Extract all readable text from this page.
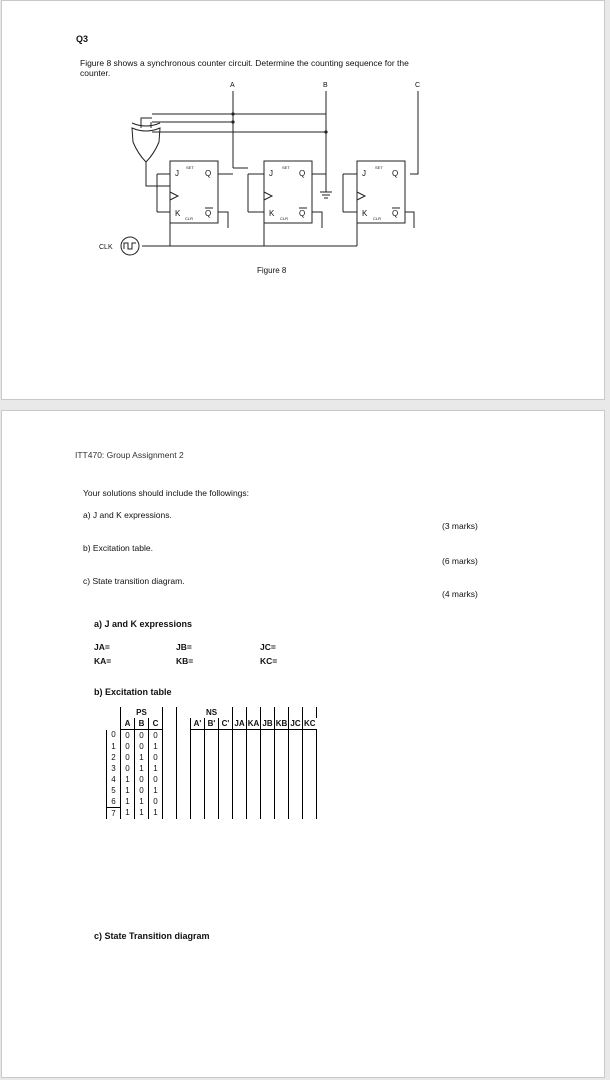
Q3
Figure 8 shows a synchronous counter circuit. Determine the counting sequence for the
counter.
A	B	C
J
K
Q
Q
SET
CLR
J
K
Q
Q
SET
CLR
J
K
Q
Q
SET
CLR
CLK
Figure 8
ITT470: Group Assignment 2
Your solutions should include the followings:
a) J and K expressions.
(3 marks)
b) Excitation table.
(6 marks)
c) State transition diagram.
(4 marks)
a) J and K expressions
JA=	JB=	JC=
KA=	KB=	KC=
b) Excitation table
		PS					NS								
	A	B	C			A'	B'	C'	JA	KA	JB	KB	JC	KC	
0	0	0	0												
1	0	0	1												
2	0	1	0												
3	0	1	1												
4	1	0	0												
5	1	0	1												
6	1	1	0												
7	1	1	1												
c) State Transition diagram
